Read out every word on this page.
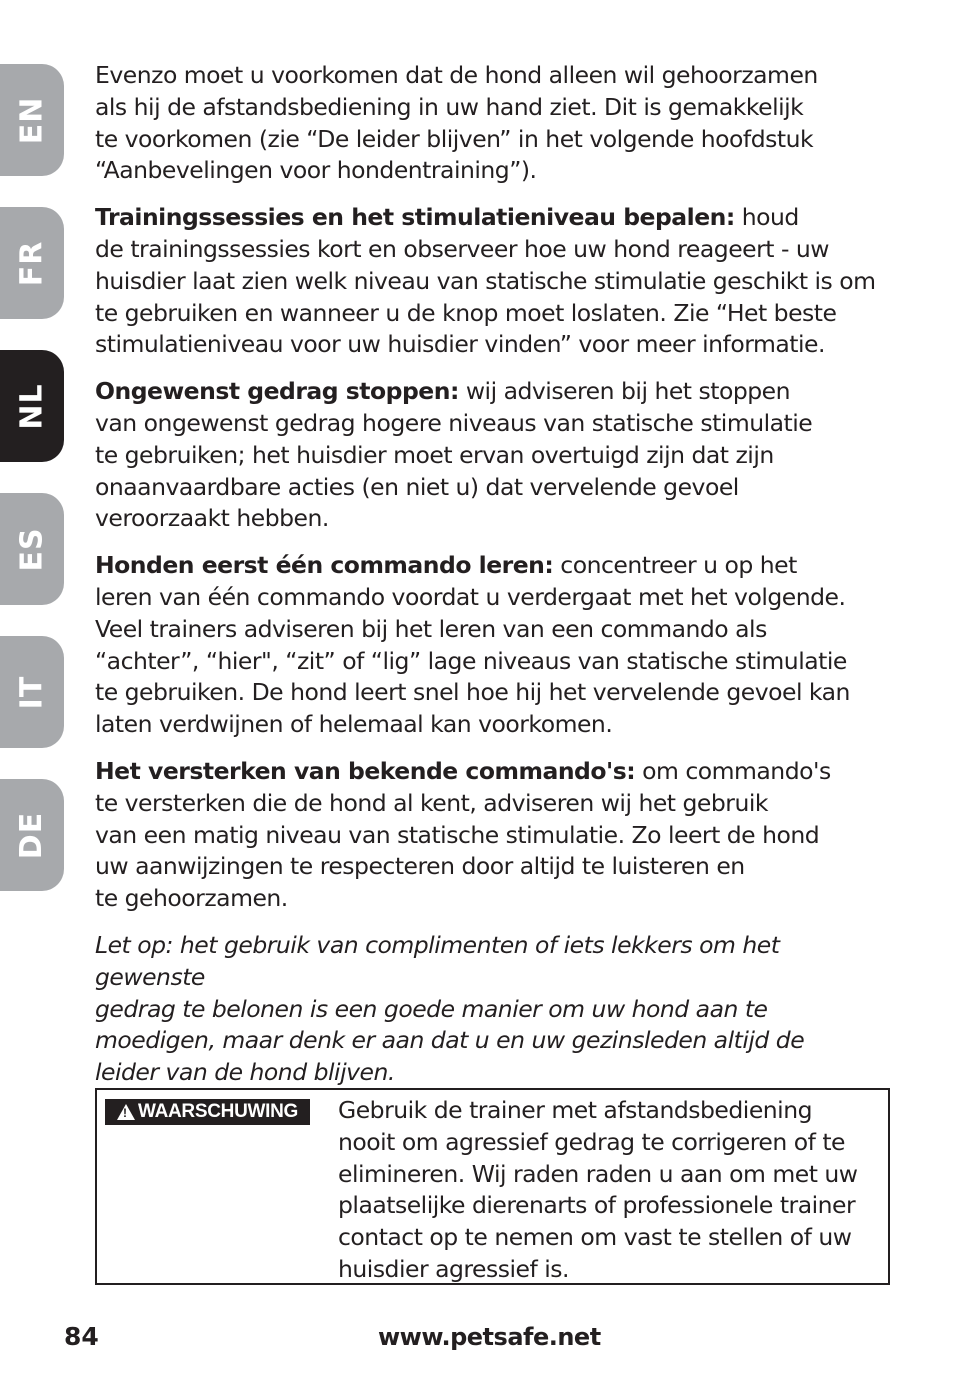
EN
FR
NL
ES
IT
DE

Evenzo moet u voorkomen dat de hond alleen wil gehoorzamen
als hij de afstandsbediening in uw hand ziet. Dit is gemakkelijk
te voorkomen (zie “De leider blijven” in het volgende hoofdstuk
“Aanbevelingen voor hondentraining”).

Trainingssessies en het stimulatieniveau bepalen: houd
de trainingssessies kort en observeer hoe uw hond reageert - uw
huisdier laat zien welk niveau van statische stimulatie geschikt is om
te gebruiken en wanneer u de knop moet loslaten. Zie “Het beste
stimulatieniveau voor uw huisdier vinden” voor meer informatie.

Ongewenst gedrag stoppen: wij adviseren bij het stoppen
van ongewenst gedrag hogere niveaus van statische stimulatie
te gebruiken; het huisdier moet ervan overtuigd zijn dat zijn
onaanvaardbare acties (en niet u) dat vervelende gevoel
veroorzaakt hebben.

Honden eerst één commando leren: concentreer u op het
leren van één commando voordat u verdergaat met het volgende.
Veel trainers adviseren bij het leren van een commando als
“achter”, “hier", “zit” of “lig” lage niveaus van statische stimulatie
te gebruiken. De hond leert snel hoe hij het vervelende gevoel kan
laten verdwijnen of helemaal kan voorkomen.

Het versterken van bekende commando's: om commando's
te versterken die de hond al kent, adviseren wij het gebruik
van een matig niveau van statische stimulatie. Zo leert de hond
uw aanwijzingen te respecteren door altijd te luisteren en
te gehoorzamen.

Let op: het gebruik van complimenten of iets lekkers om het gewenste
gedrag te belonen is een goede manier om uw hond aan te
moedigen, maar denk er aan dat u en uw gezinsleden altijd de
leider van de hond blijven.

!
WAARSCHUWING Gebruik de trainer met afstandsbediening
nooit om agressief gedrag te corrigeren of te
elimineren. Wij raden raden u aan om met uw
plaatselijke dierenarts of professionele trainer
contact op te nemen om vast te stellen of uw
huisdier agressief is.
84	www.petsafe.net
